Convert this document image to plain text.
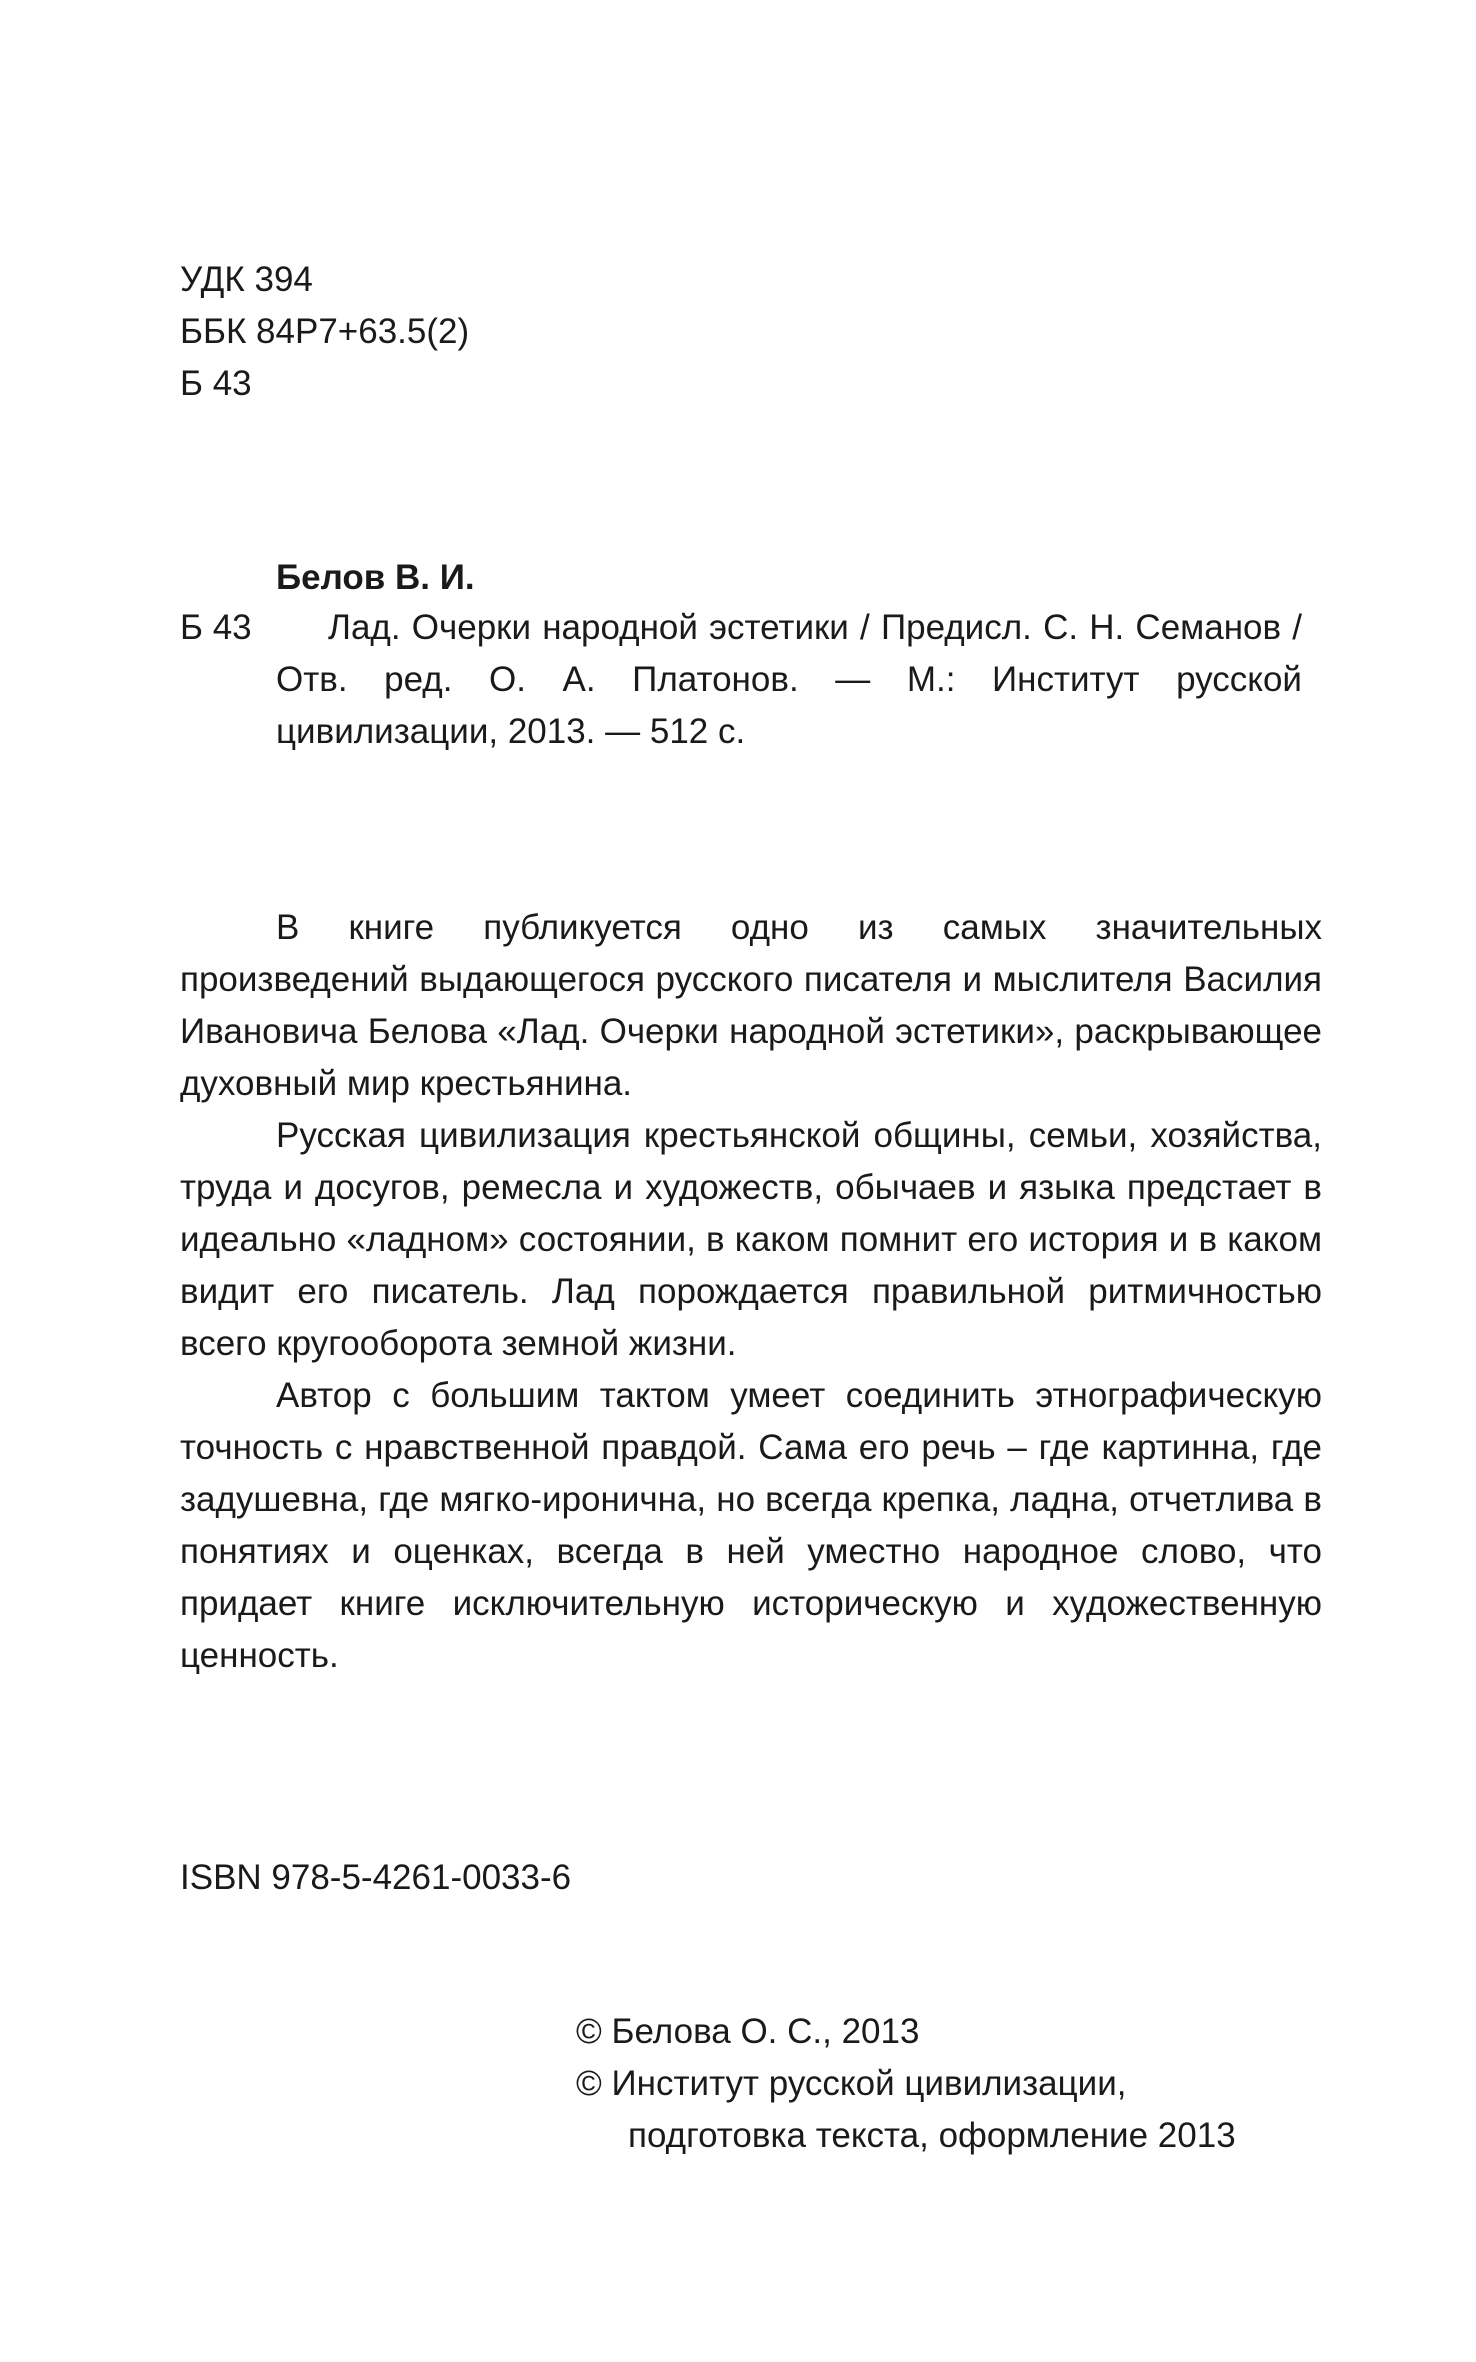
УДК 394
ББК 84Р7+63.5(2)
Б 43
Белов В. И.
Б 43	Лад. Очерки народной эстетики / Предисл. С. Н. Семанов / Отв. ред. О. А. Платонов. — М.: Институт русской цивилизации, 2013. — 512 с.

В книге публикуется одно из самых значительных произведений выдающегося русского писателя и мыслителя Василия Ивановича Белова «Лад. Очерки народной эстетики», раскрывающее духовный мир крестьянина.

Русская цивилизация крестьянской общины, семьи, хозяйства, труда и досугов, ремесла и художеств, обычаев и языка предстает в идеально «ладном» состоянии, в каком помнит его история и в каком видит его писатель. Лад порождается правильной ритмичностью всего кругооборота земной жизни.

Автор с большим тактом умеет соединить этнографическую точность с нравственной правдой. Сама его речь – где картинна, где задушевна, где мягко-иронична, но всегда крепка, ладна, отчетлива в понятиях и оценках, всегда в ней уместно народное слово, что придает книге исключительную историческую и художественную ценность.

ISBN 978-5-4261-0033-6
© Белова О. С., 2013
© Институт русской цивилизации,
подготовка текста, оформление 2013
